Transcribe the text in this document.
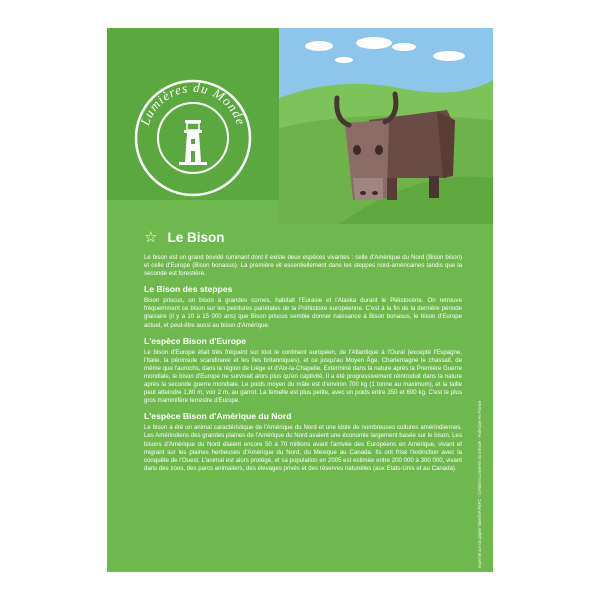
Lumières du Monde
☆ Le Bison

Le bison est un grand bovidé ruminant dont il existe deux espèces vivantes : celle d'Amérique du Nord (Bison bison) et celle d'Europe (Bison bonasus). La première vit essentiellement dans les steppes nord-américaines tandis que la seconde est forestière.

Le Bison des steppes

Bison priscus, un bison à grandes cornes, habitait l'Eurasie et l'Alaska durant le Pléistocène. On retrouve fréquemment ce bison sur les peintures pariétales de la Préhistoire européenne. C'est à la fin de la dernière période glaciaire (il y a 10 à 15 000 ans) que Bison priscus semble donner naissance à Bison bonasus, le bison d'Europe actuel, et peut-être aussi au bison d'Amérique.

L'espèce Bison d'Europe

Le bison d'Europe était très fréquent sur tout le continent européen, de l'Atlantique à l'Oural (excepté l'Espagne, l'Italie, la péninsule scandinave et les îles britanniques), et ce jusqu'au Moyen Âge. Charlemagne le chassait, de même que l'aurochs, dans la région de Liège et d'Aix-la-Chapelle. Exterminé dans la nature après la Première Guerre mondiale, le bison d'Europe ne survivait alors plus qu'en captivité. Il a été progressivement réintroduit dans la nature après la seconde guerre mondiale. Le poids moyen du mâle est d'environ 700 kg (1 tonne au maximum), et la taille peut atteindre 1,80 m, voir 2 m, au garrot. La femelle est plus petite, avec un poids entre 350 et 600 kg. C'est le plus gros mammifère terrestre d'Europe.

L'espèce Bison d'Amérique du Nord

Le bison a été un animal caractéristique de l'Amérique du Nord et une idole de nombreuses cultures amérindiennes. Les Amérindiens des grandes plaines de l'Amérique du Nord avaient une économie largement basée sur le bison. Les bisons d'Amérique du Nord étaient encore 50 à 70 millions avant l'arrivée des Européens en Amérique, vivant et migrant sur les plaines herbeuses d'Amérique du Nord, du Mexique au Canada. Ils ont frisé l'extinction avec la conquête de l'Ouest. L'animal est alors protégé, et sa population en 2005 est estimée entre 200 000 à 300 000, vivant dans des zoos, des parcs animaliers, des élevages privés et des réserves naturelles (aux Etats-Unis et au Canada).	Imprimé sur du papier labellisé PEFC - Création Lumières du Monde - Fabriqué en France
